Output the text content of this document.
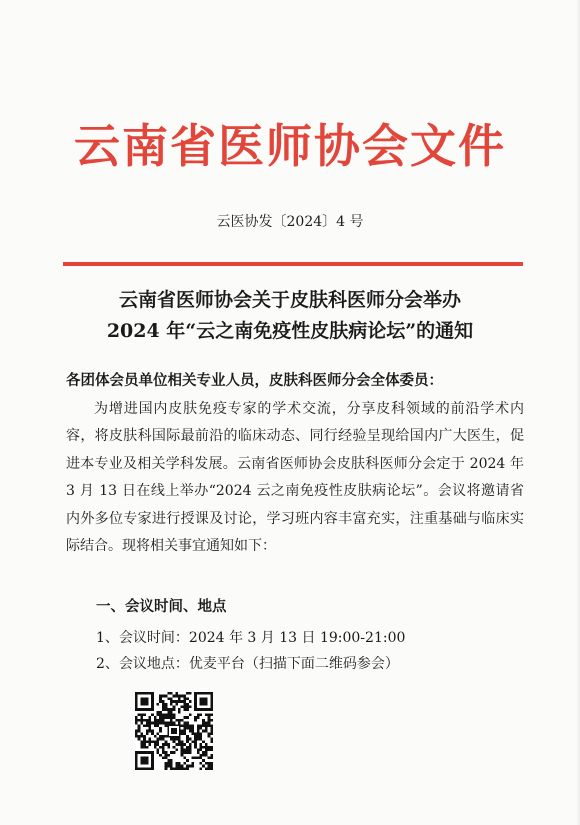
云南省医师协会文件
云医协发〔2024〕4 号
云南省医师协会关于皮肤科医师分会举办
2024 年“云之南免疫性皮肤病论坛”的通知
各团体会员单位相关专业人员，皮肤科医师分会全体委员：
为增进国内皮肤免疫专家的学术交流，分享皮科领域的前沿学术内容，将皮肤科国际最前沿的临床动态、同行经验呈现给国内广大医生，促进本专业及相关学科发展。云南省医师协会皮肤科医师分会定于 2024 年 3 月 13 日在线上举办“2024 云之南免疫性皮肤病论坛”。会议将邀请省内外多位专家进行授课及讨论，学习班内容丰富充实，注重基础与临床实际结合。现将相关事宜通知如下：
一、会议时间、地点
1、会议时间：2024 年 3 月 13 日 19:00-21:00
2、会议地点：优麦平台（扫描下面二维码参会）
